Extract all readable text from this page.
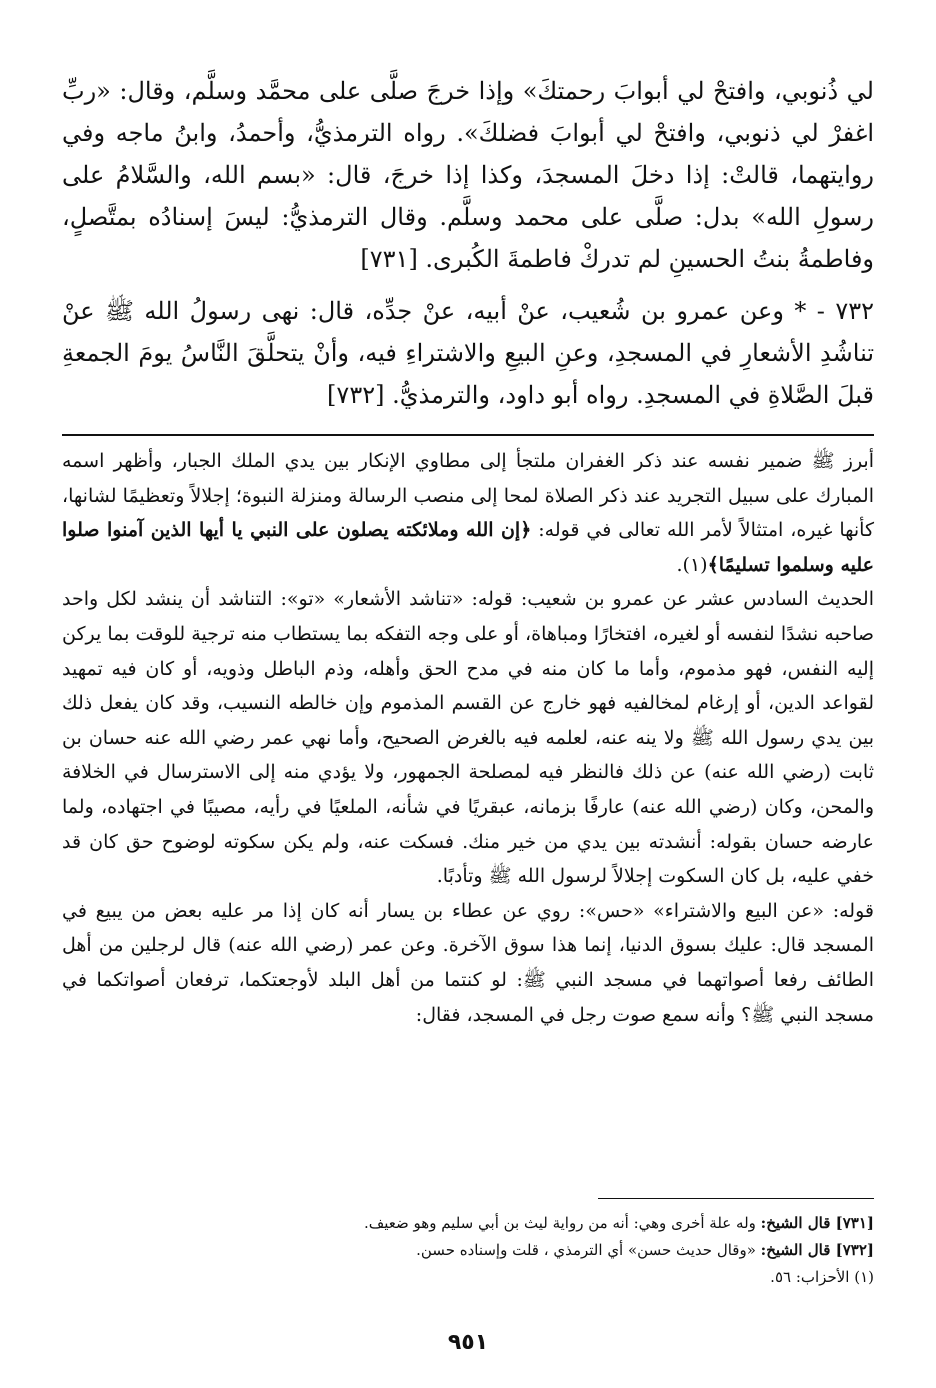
لي ذُنوبي، وافتحْ لي أبوابَ رحمتكَ» وإذا خرجَ صلَّى على محمَّد وسلَّم، وقال: «ربِّ اغفرْ لي ذنوبي، وافتحْ لي أبوابَ فضلكَ». رواه الترمذيُّ، وأحمدُ، وابنُ ماجه وفي روايتهما، قالتْ: إذا دخلَ المسجدَ، وكذا إذا خرجَ، قال: «بسم الله، والسَّلامُ على رسولِ الله» بدل: صلَّى على محمد وسلَّم. وقال الترمذيُّ: ليسَ إسنادُه بمتَّصلٍ، وفاطمةُ بنتُ الحسينِ لم تدركْ فاطمةَ الكُبرى. [٧٣١]

٧٣٢ - * وعن عمرو بن شُعيب، عنْ أبيه، عنْ جدِّه، قال: نهى رسولُ الله ﷺ عنْ تناشُدِ الأشعارِ في المسجدِ، وعنِ البيعِ والاشتراءِ فيه، وأنْ يتحلَّقَ النَّاسُ يومَ الجمعةِ قبلَ الصَّلاةِ في المسجدِ. رواه أبو داود، والترمذيُّ. [٧٣٢]

أبرز ﷺ ضمير نفسه عند ذكر الغفران ملتجأ إلى مطاوي الإنكار بين يدي الملك الجبار، وأظهر اسمه المبارك على سبيل التجريد عند ذكر الصلاة لمحا إلى منصب الرسالة ومنزلة النبوة؛ إجلالاً وتعظيمًا لشانها، كأنها غيره، امتثالاً لأمر الله تعالى في قوله: ﴿إن الله وملائكته يصلون على النبي يا أيها الذين آمنوا صلوا عليه وسلموا تسليمًا﴾(١).

الحديث السادس عشر عن عمرو بن شعيب: قوله: «تناشد الأشعار» «تو»: التناشد أن ينشد لكل واحد صاحبه نشدًا لنفسه أو لغيره، افتخارًا ومباهاة، أو على وجه التفكه بما يستطاب منه ترجية للوقت بما يركن إليه النفس، فهو مذموم، وأما ما كان منه في مدح الحق وأهله، وذم الباطل وذويه، أو كان فيه تمهيد لقواعد الدين، أو إرغام لمخالفيه فهو خارج عن القسم المذموم وإن خالطه النسيب، وقد كان يفعل ذلك بين يدي رسول الله ﷺ ولا ينه عنه، لعلمه فيه بالغرض الصحيح، وأما نهي عمر رضي الله عنه حسان بن ثابت (رضي الله عنه) عن ذلك فالنظر فيه لمصلحة الجمهور، ولا يؤدي منه إلى الاسترسال في الخلافة والمحن، وكان (رضي الله عنه) عارفًا بزمانه، عبقريًا في شأنه، الملعيًا في رأيه، مصيبًا في اجتهاده، ولما عارضه حسان بقوله: أنشدته بين يدي من خير منك. فسكت عنه، ولم يكن سكوته لوضوح حق كان قد خفي عليه، بل كان السكوت إجلالاً لرسول الله ﷺ وتأدبًا.

قوله: «عن البيع والاشتراء» «حس»: روي عن عطاء بن يسار أنه كان إذا مر عليه بعض من يبيع في المسجد قال: عليك بسوق الدنيا، إنما هذا سوق الآخرة. وعن عمر (رضي الله عنه) قال لرجلين من أهل الطائف رفعا أصواتهما في مسجد النبي ﷺ: لو كنتما من أهل البلد لأوجعتكما، ترفعان أصواتكما في مسجد النبي ﷺ؟ وأنه سمع صوت رجل في المسجد، فقال:

[٧٣١] قال الشيخ: وله علة أخرى وهي: أنه من رواية ليث بن أبي سليم وهو ضعيف.

[٧٣٢] قال الشيخ: «وقال حديث حسن» أي الترمذي ، قلت وإسناده حسن.

(١) الأحزاب: ٥٦.

٩٥١
